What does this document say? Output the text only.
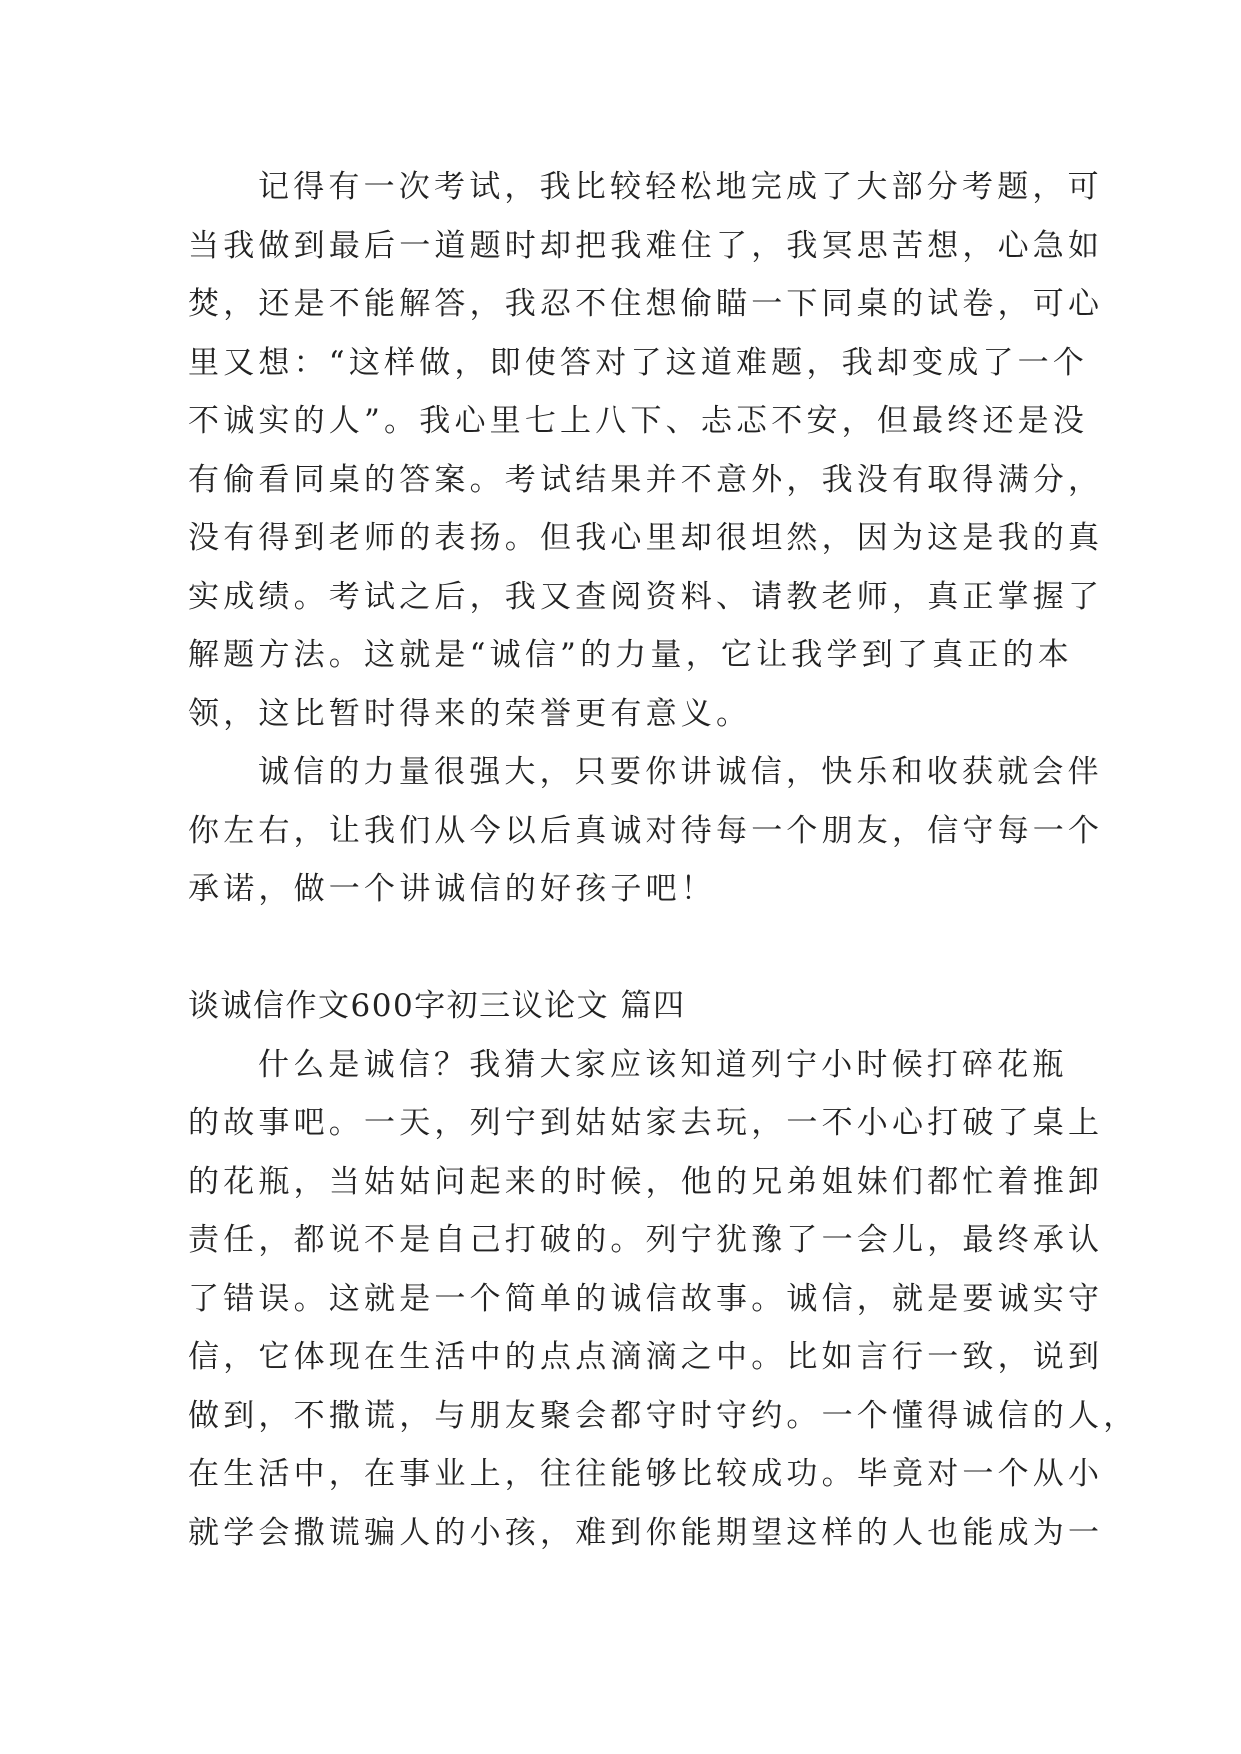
记得有一次考试，我比较轻松地完成了大部分考题，可
当我做到最后一道题时却把我难住了，我冥思苦想，心急如
焚，还是不能解答，我忍不住想偷瞄一下同桌的试卷，可心
里又想：“这样做，即使答对了这道难题，我却变成了一个
不诚实的人”。我心里七上八下、忐忑不安，但最终还是没
有偷看同桌的答案。考试结果并不意外，我没有取得满分，
没有得到老师的表扬。但我心里却很坦然，因为这是我的真
实成绩。考试之后，我又查阅资料、请教老师，真正掌握了
解题方法。这就是“诚信”的力量，它让我学到了真正的本
领，这比暂时得来的荣誉更有意义。
诚信的力量很强大，只要你讲诚信，快乐和收获就会伴
你左右，让我们从今以后真诚对待每一个朋友，信守每一个
承诺，做一个讲诚信的好孩子吧！
谈诚信作文600字初三议论文 篇四
什么是诚信？我猜大家应该知道列宁小时候打碎花瓶
的故事吧。一天，列宁到姑姑家去玩，一不小心打破了桌上
的花瓶，当姑姑问起来的时候，他的兄弟姐妹们都忙着推卸
责任，都说不是自己打破的。列宁犹豫了一会儿，最终承认
了错误。这就是一个简单的诚信故事。诚信，就是要诚实守
信，它体现在生活中的点点滴滴之中。比如言行一致，说到
做到，不撒谎，与朋友聚会都守时守约。一个懂得诚信的人，
在生活中，在事业上，往往能够比较成功。毕竟对一个从小
就学会撒谎骗人的小孩，难到你能期望这样的人也能成为一
